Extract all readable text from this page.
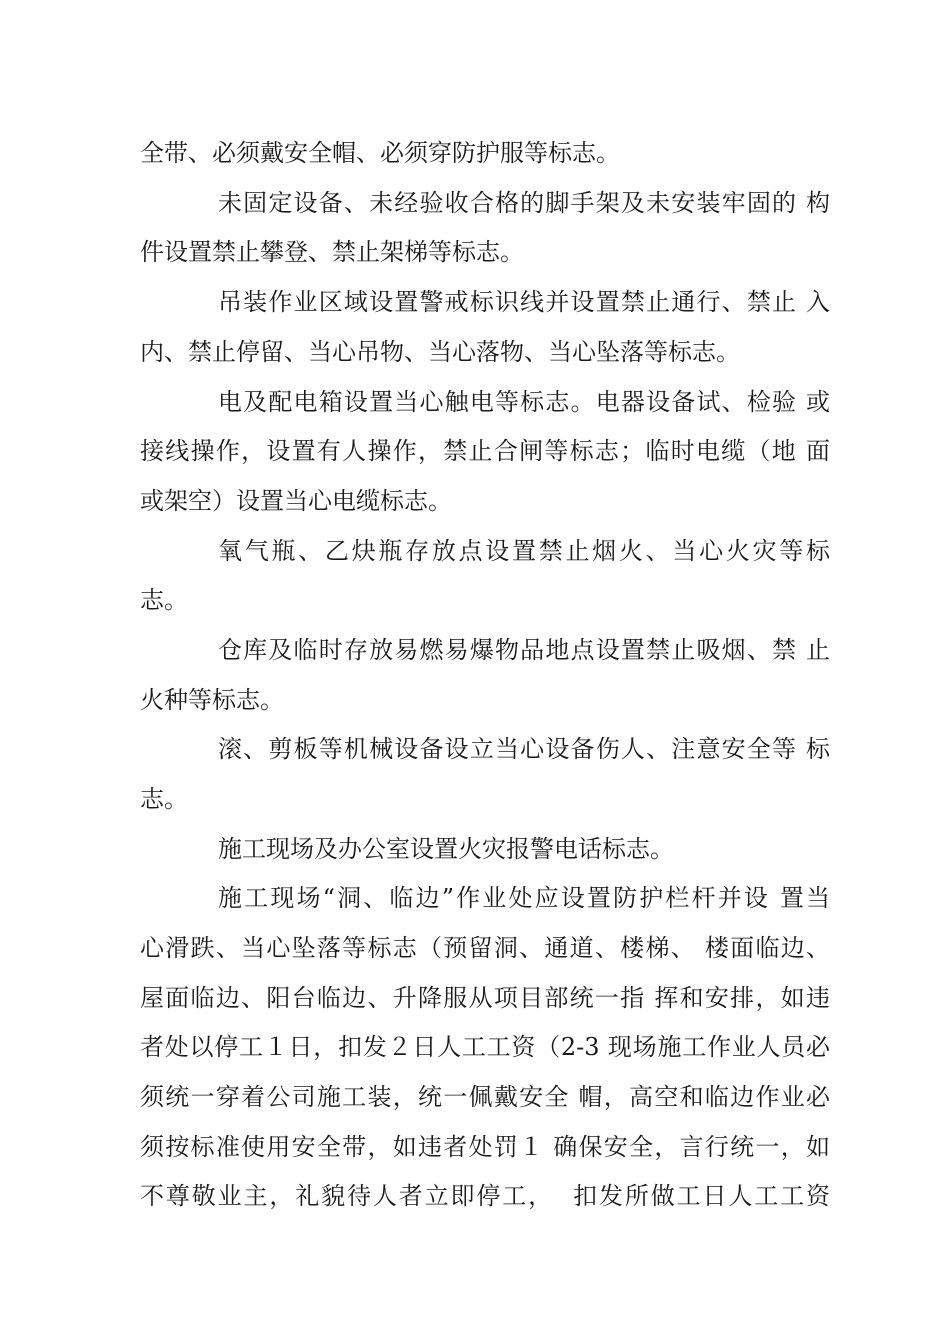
全带、必须戴安全帽、必须穿防护服等标志。
未固定设备、未经验收合格的脚手架及未安装牢固的 构
件设置禁止攀登、禁止架梯等标志。
吊装作业区域设置警戒标识线并设置禁止通行、禁止 入
内、禁止停留、当心吊物、当心落物、当心坠落等标志。
电及配电箱设置当心触电等标志。电器设备试、检验 或
接线操作，设置有人操作，禁止合闸等标志；临时电缆（地 面
或架空）设置当心电缆标志。
氧气瓶、乙炔瓶存放点设置禁止烟火、当心火灾等标
志。
仓库及临时存放易燃易爆物品地点设置禁止吸烟、禁 止
火种等标志。
滚、剪板等机械设备设立当心设备伤人、注意安全等 标
志。
施工现场及办公室设置火灾报警电话标志。
施工现场“洞、临边”作业处应设置防护栏杆并设 置当
心滑跌、当心坠落等标志（预留洞、通道、楼梯、 楼面临边、
屋面临边、阳台临边、升降服从项目部统一指 挥和安排，如违
者处以停工１日，扣发２日人工工资（2-3 现场施工作业人员必
须统一穿着公司施工装，统一佩戴安全 帽，高空和临边作业必
须按标准使用安全带，如违者处罚１ 确保安全，言行统一，如
不尊敬业主，礼貌待人者立即停工，  扣发所做工日人工工资
